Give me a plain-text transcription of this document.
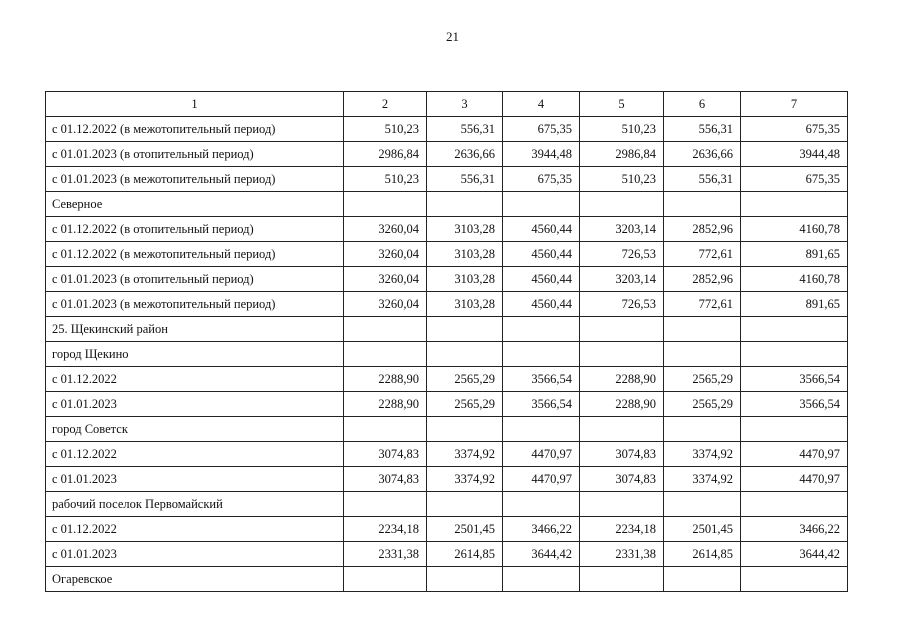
21
1	2	3	4	5	6	7
с 01.12.2022 (в межотопительный период)	510,23	556,31	675,35	510,23	556,31	675,35
с 01.01.2023 (в отопительный период)	2986,84	2636,66	3944,48	2986,84	2636,66	3944,48
с 01.01.2023 (в межотопительный период)	510,23	556,31	675,35	510,23	556,31	675,35
Северное						
с 01.12.2022 (в отопительный период)	3260,04	3103,28	4560,44	3203,14	2852,96	4160,78
с 01.12.2022 (в межотопительный период)	3260,04	3103,28	4560,44	726,53	772,61	891,65
с 01.01.2023 (в отопительный период)	3260,04	3103,28	4560,44	3203,14	2852,96	4160,78
с 01.01.2023 (в межотопительный период)	3260,04	3103,28	4560,44	726,53	772,61	891,65
25. Щекинский район						
город Щекино						
с 01.12.2022	2288,90	2565,29	3566,54	2288,90	2565,29	3566,54
с 01.01.2023	2288,90	2565,29	3566,54	2288,90	2565,29	3566,54
город Советск						
с 01.12.2022	3074,83	3374,92	4470,97	3074,83	3374,92	4470,97
с 01.01.2023	3074,83	3374,92	4470,97	3074,83	3374,92	4470,97
рабочий поселок Первомайский						
с 01.12.2022	2234,18	2501,45	3466,22	2234,18	2501,45	3466,22
с 01.01.2023	2331,38	2614,85	3644,42	2331,38	2614,85	3644,42
Огаревское						
